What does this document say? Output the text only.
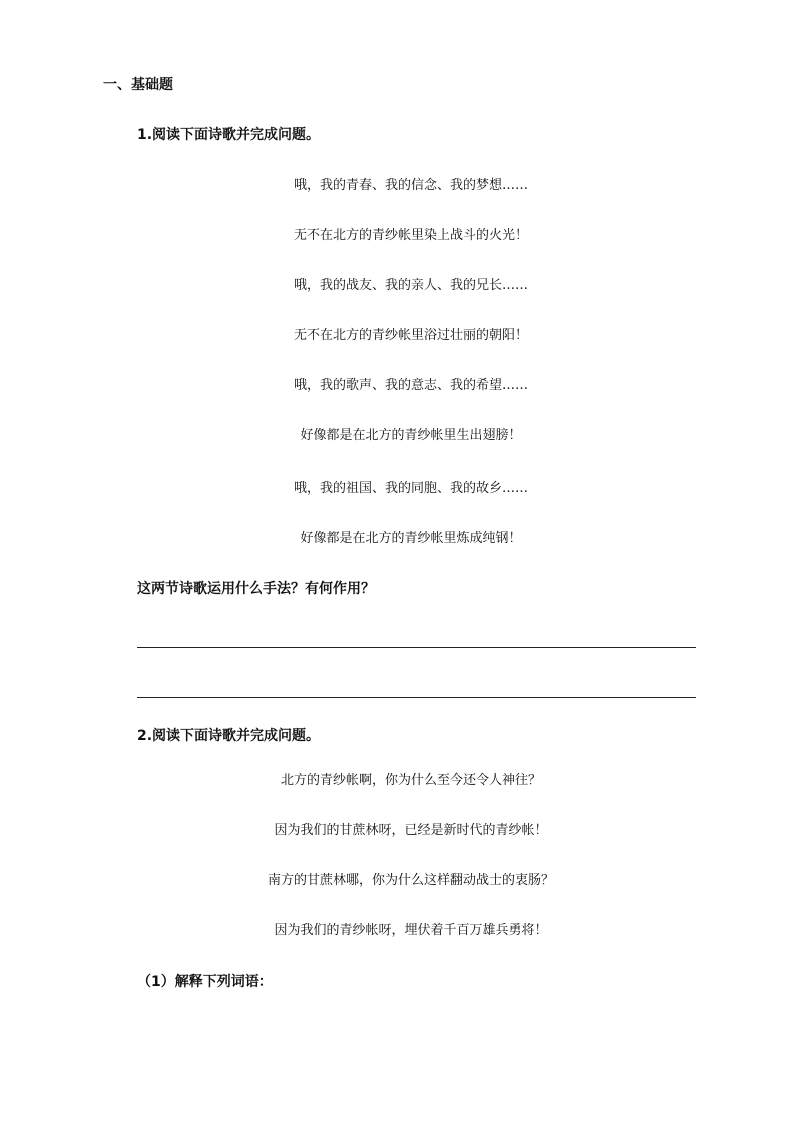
一、基础题
1.阅读下面诗歌并完成问题。
哦，我的青春、我的信念、我的梦想……
无不在北方的青纱帐里染上战斗的火光！
哦，我的战友、我的亲人、我的兄长……
无不在北方的青纱帐里浴过壮丽的朝阳！
哦，我的歌声、我的意志、我的希望……
好像都是在北方的青纱帐里生出翅膀！
哦，我的祖国、我的同胞、我的故乡……
好像都是在北方的青纱帐里炼成纯钢！
这两节诗歌运用什么手法？有何作用？
2.阅读下面诗歌并完成问题。
北方的青纱帐啊，你为什么至今还令人神往？
因为我们的甘蔗林呀，已经是新时代的青纱帐！
南方的甘蔗林哪，你为什么这样翻动战士的衷肠？
因为我们的青纱帐呀，埋伏着千百万雄兵勇将！
（1）解释下列词语：
